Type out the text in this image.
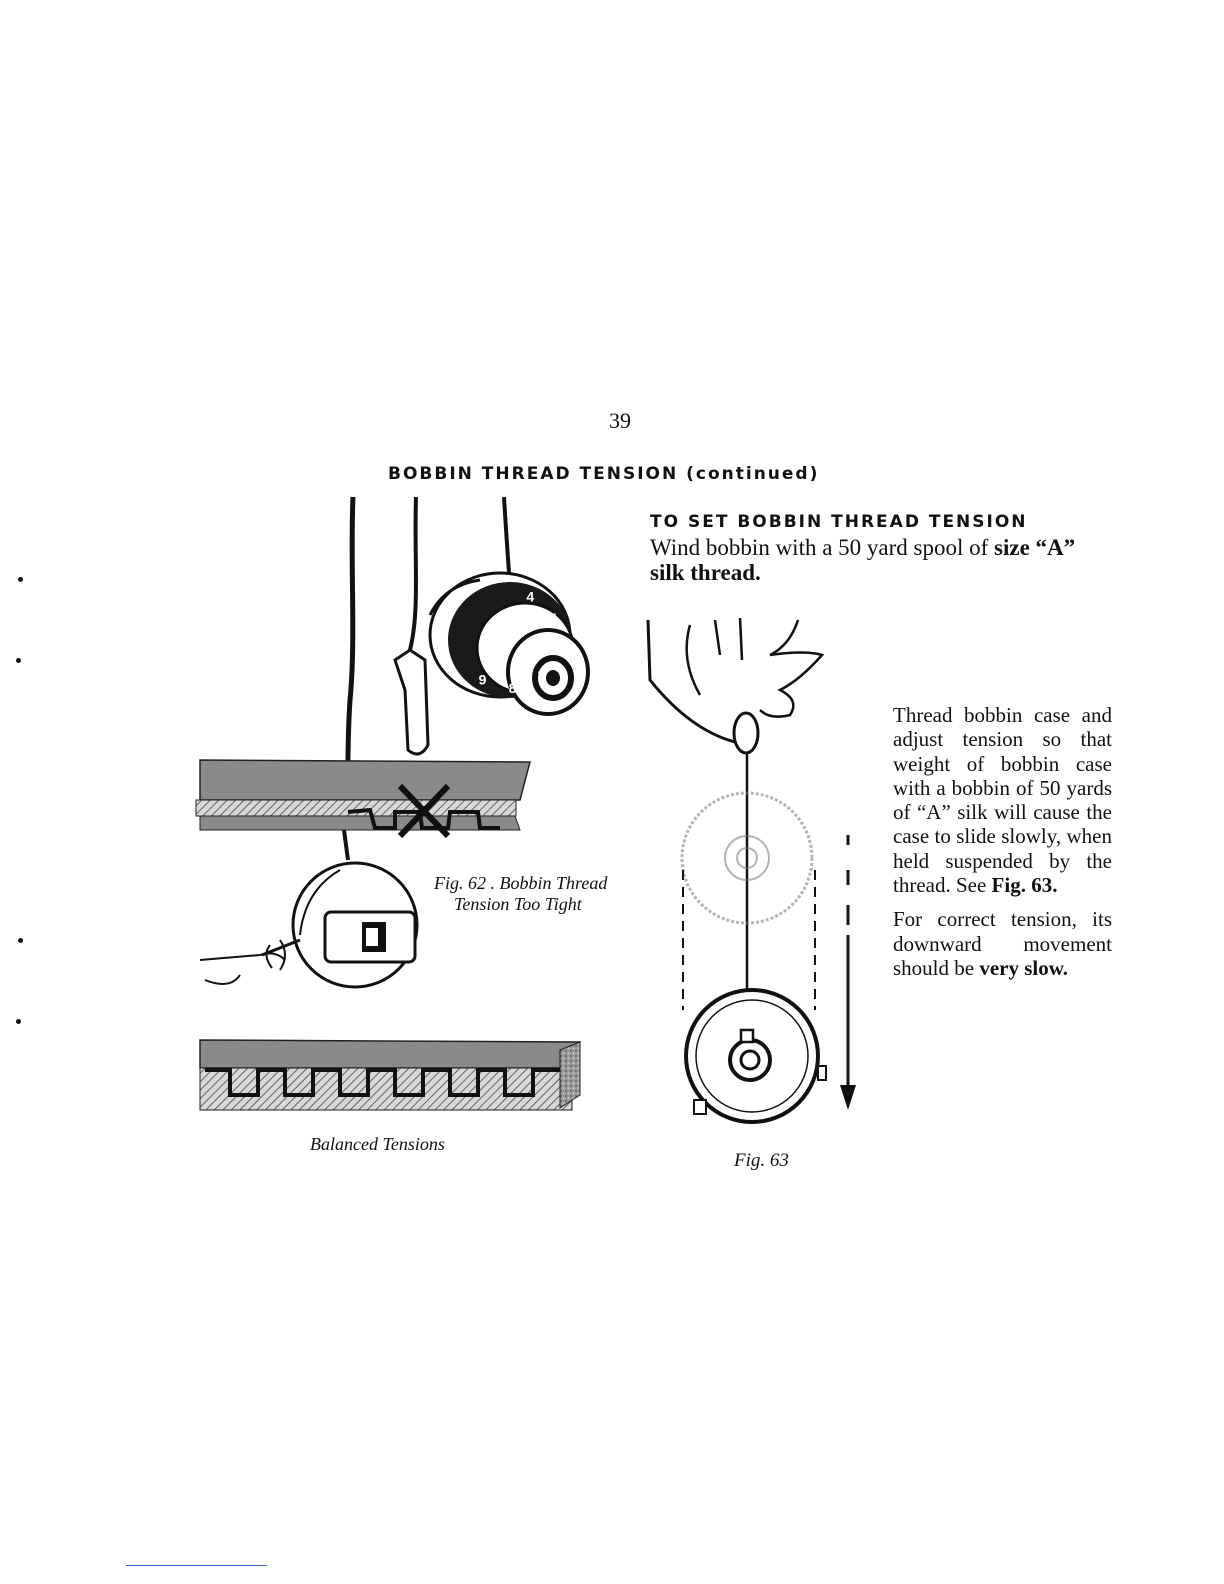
39
BOBBIN THREAD TENSION (continued)
TO SET BOBBIN THREAD TENSION
Wind bobbin with a 50 yard spool of size “A”
silk thread.

Thread bobbin case and adjust tension so that weight of bobbin case with a bobbin of 50 yards of “A” silk will cause the case to slide slowly, when held suspended by the thread. See Fig. 63.

For correct tension, its downward movement should be very slow.

4
5
6
7
8
9
Fig. 62 . Bobbin Thread
Tension Too Tight
Balanced Tensions
Fig. 63
